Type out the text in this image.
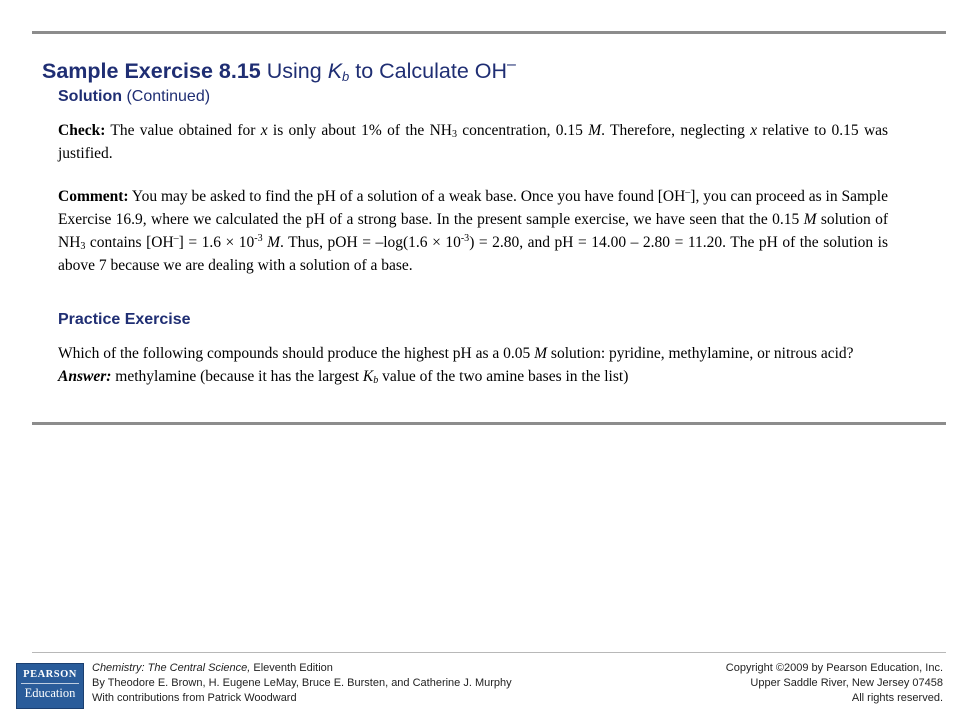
Sample Exercise 8.15 Using $K_b$ to Calculate OH–
Solution (Continued)
Check: The value obtained for x is only about 1% of the $NH_3$ concentration, 0.15 M. Therefore, neglecting x relative to 0.15 was justified.
Comment: You may be asked to find the pH of a solution of a weak base. Once you have found [OH–], you can proceed as in Sample Exercise 16.9, where we calculated the pH of a strong base. In the present sample exercise, we have seen that the 0.15 M solution of $NH_3$ contains $[OH^-] = 1.6 \times 10^{-3}$ M. Thus, pOH = $-\log(1.6 \times 10^{-3}) = 2.80$, and pH = 14.00 – 2.80 = 11.20. The pH of the solution is above 7 because we are dealing with a solution of a base.
Practice Exercise
Which of the following compounds should produce the highest pH as a 0.05 M solution: pyridine, methylamine, or nitrous acid?
Answer: methylamine (because it has the largest $K_b$ value of the two amine bases in the list)
PEARSON
Education
Chemistry: The Central Science, Eleventh Edition
By Theodore E. Brown, H. Eugene LeMay, Bruce E. Bursten, and Catherine J. Murphy
With contributions from Patrick Woodward
Copyright ©2009 by Pearson Education, Inc.
Upper Saddle River, New Jersey 07458
All rights reserved.
